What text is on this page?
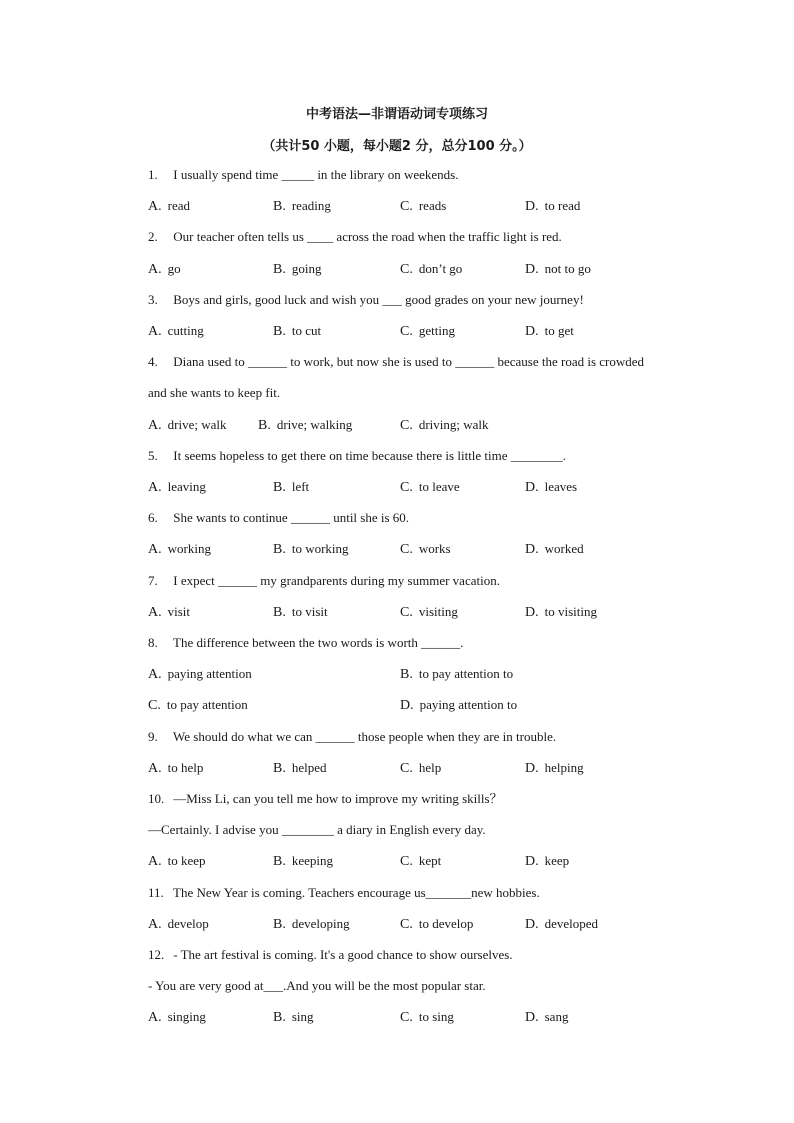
中考语法—非谓语动词专项练习
（共计50 小题，每小题2 分，总分100 分。）
1. I usually spend time _____ in the library on weekends.
A. read	B. reading	C. reads	D. to read
2. Our teacher often tells us ____ across the road when the traffic light is red.
A. go	B. going	C. don’t go	D. not to go
3. Boys and girls, good luck and wish you ___ good grades on your new journey!
A. cutting	B. to cut	C. getting	D. to get
4. Diana used to ______ to work, but now she is used to ______ because the road is crowded
and she wants to keep fit.
A. drive; walk B. drive; walking	C. driving; walk
5. It seems hopeless to get there on time because there is little time ________.
A. leaving	B. left	C. to leave	D. leaves
6. She wants to continue ______ until she is 60.
A. working	B. to working	C. works	D. worked
7. I expect ______ my grandparents during my summer vacation.
A. visit	B. to visit	C. visiting	D. to visiting
8. The difference between the two words is worth ______.
A. paying attention	B. to pay attention to
C. to pay attention	D. paying attention to
9. We should do what we can ______ those people when they are in trouble.
A. to help	B. helped	C. help	D. helping
10. —Miss Li, can you tell me how to improve my writing skills？
—Certainly. I advise you ________ a diary in English every day.
A. to keep	B. keeping	C. kept	D. keep
11. The New Year is coming. Teachers encourage us_______new hobbies.
A. develop	B. developing	C. to develop	D. developed
12. - The art festival is coming. It's a good chance to show ourselves.
- You are very good at___.And you will be the most popular star.
A. singing	B. sing	C. to sing	D. sang
